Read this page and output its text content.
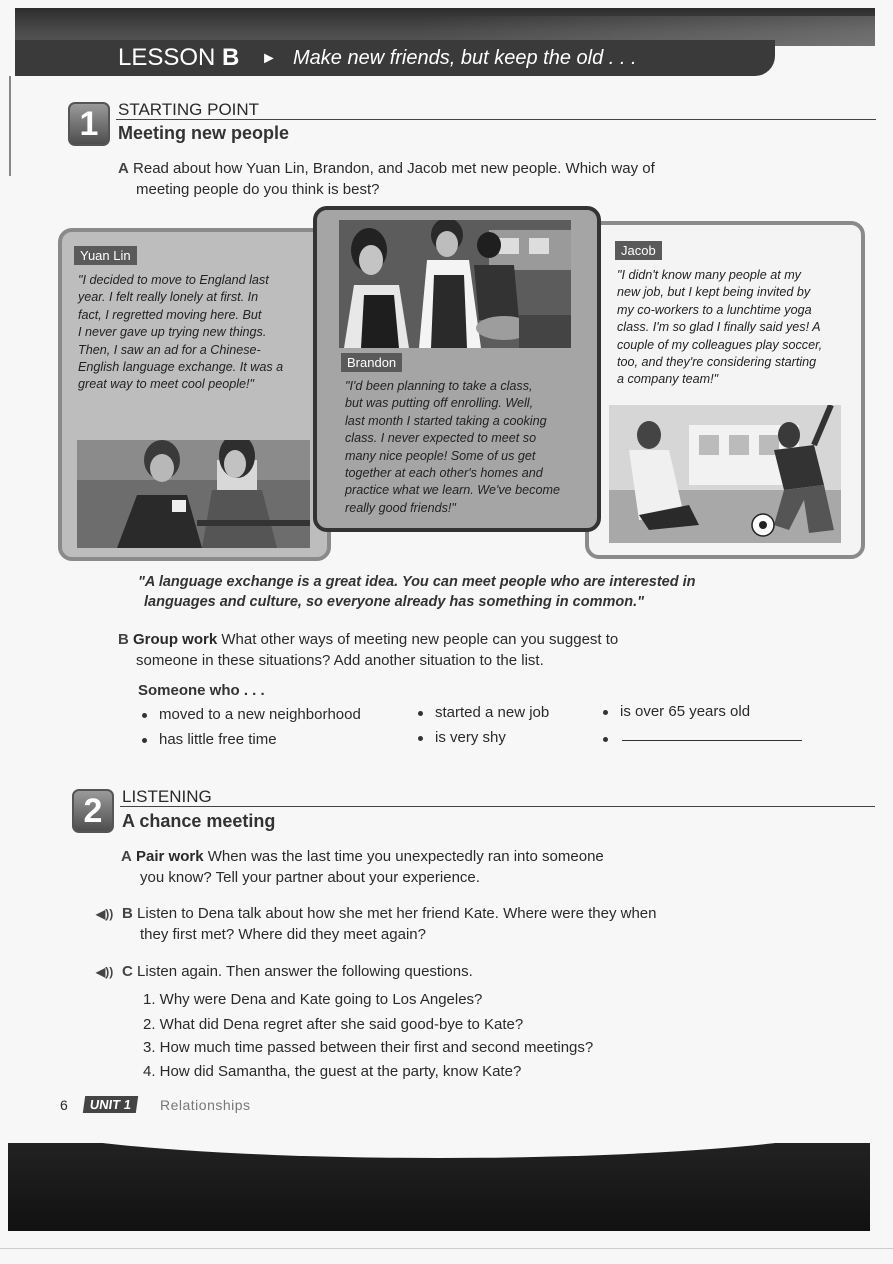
LESSON B ► Make new friends, but keep the old . . .
1	STARTING POINT
Meeting new people
A Read about how Yuan Lin, Brandon, and Jacob met new people. Which way of
meeting people do you think is best?
Yuan Lin
"I decided to move to England last
year. I felt really lonely at first. In
fact, I regretted moving here. But
I never gave up trying new things.
Then, I saw an ad for a Chinese-
English language exchange. It was a
great way to meet cool people!"
Jacob
"I didn't know many people at my
new job, but I kept being invited by
my co-workers to a lunchtime yoga
class. I'm so glad I finally said yes! A
couple of my colleagues play soccer,
too, and they're considering starting
a company team!"
Brandon
"I'd been planning to take a class,
but was putting off enrolling. Well,
last month I started taking a cooking
class. I never expected to meet so
many nice people! Some of us get
together at each other's homes and
practice what we learn. We've become
really good friends!"
"A language exchange is a great idea. You can meet people who are interested in
languages and culture, so everyone already has something in common."
B Group work What other ways of meeting new people can you suggest to
someone in these situations? Add another situation to the list.
Someone who . . .
moved to a new neighborhood
has little free time
started a new job
is very shy
is over 65 years old
2	LISTENING
A chance meeting
A Pair work When was the last time you unexpectedly ran into someone
you know? Tell your partner about your experience.
◀)) B Listen to Dena talk about how she met her friend Kate. Where were they when
they first met? Where did they meet again?
◀)) C Listen again. Then answer the following questions.
1. Why were Dena and Kate going to Los Angeles?
2. What did Dena regret after she said good-bye to Kate?
3. How much time passed between their first and second meetings?
4. How did Samantha, the guest at the party, know Kate?
6	UNIT 1	Relationships
